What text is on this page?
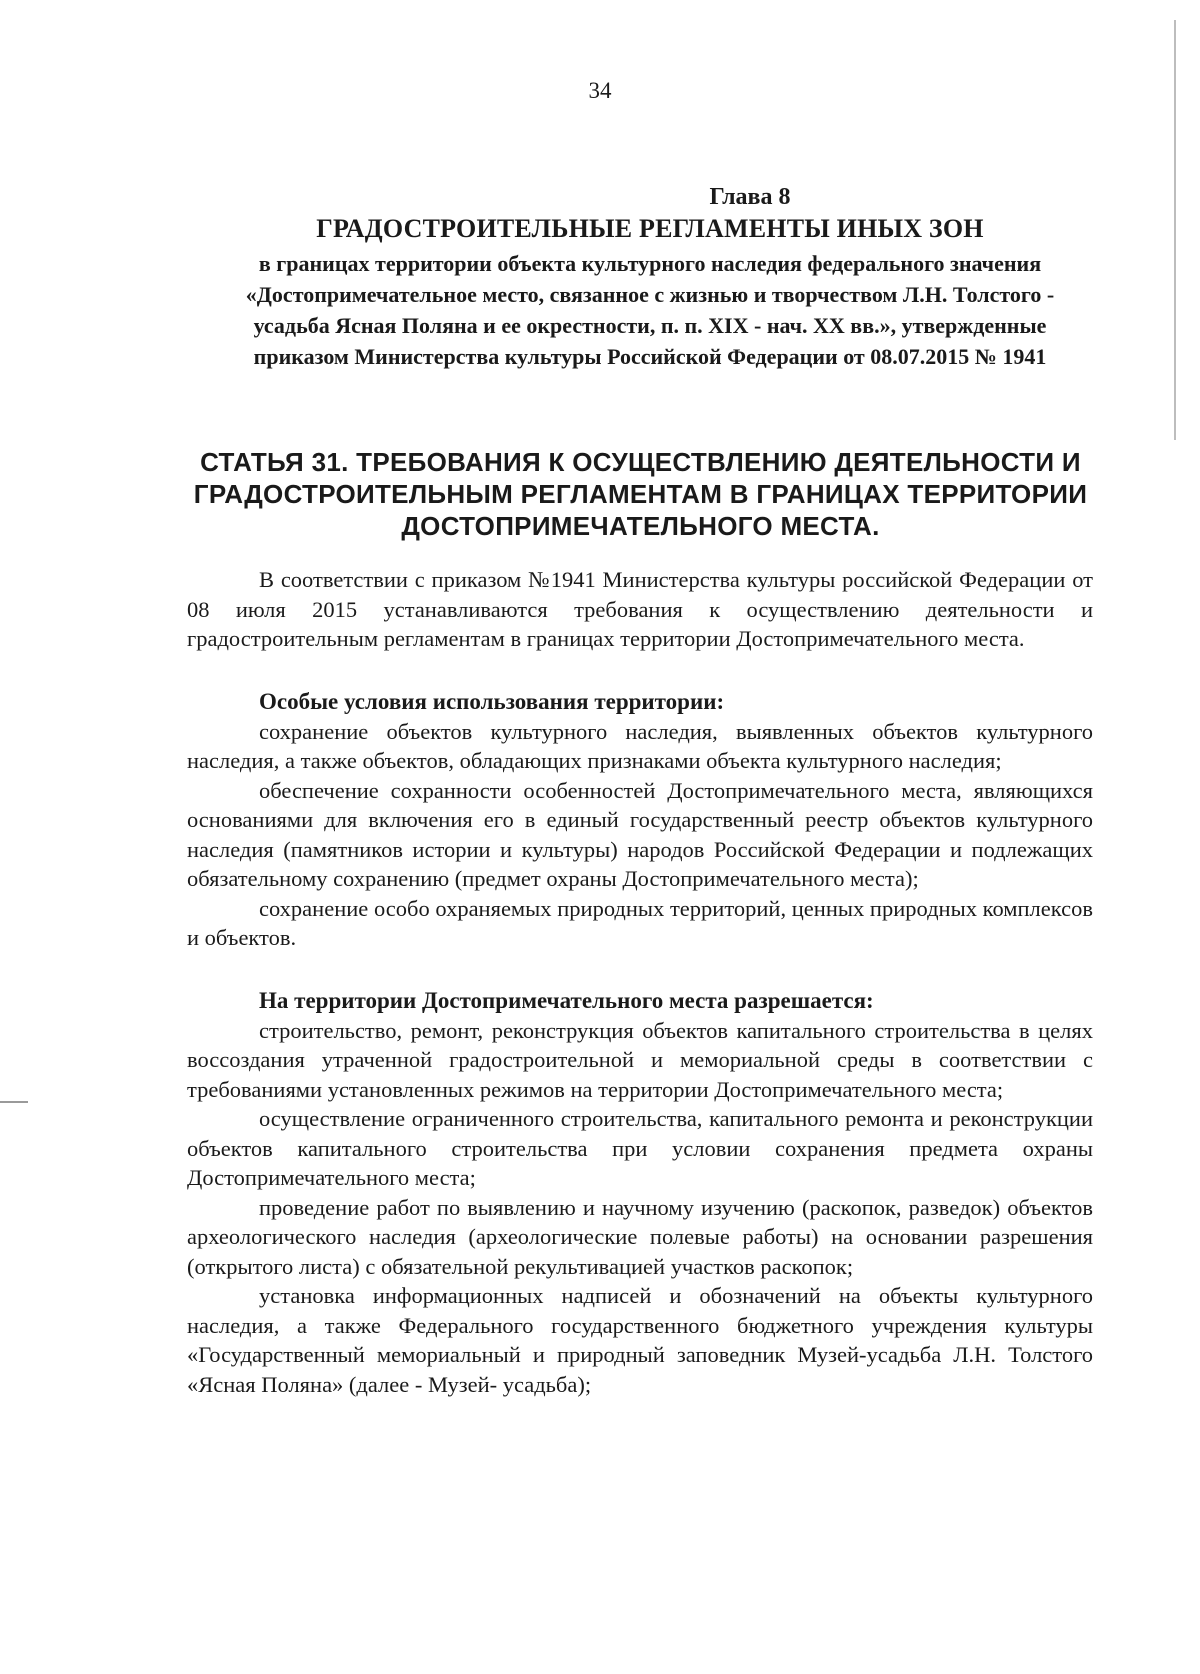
34
Глава 8
ГРАДОСТРОИТЕЛЬНЫЕ РЕГЛАМЕНТЫ ИНЫХ ЗОН
в границах территории объекта культурного наследия федерального значения «Достопримечательное место, связанное с жизнью и творчеством Л.Н. Толстого - усадьба Ясная Поляна и ее окрестности, п. п. XIX - нач. XX вв.», утвержденные приказом Министерства культуры Российской Федерации от 08.07.2015 № 1941
СТАТЬЯ 31. ТРЕБОВАНИЯ К ОСУЩЕСТВЛЕНИЮ ДЕЯТЕЛЬНОСТИ И ГРАДОСТРОИТЕЛЬНЫМ РЕГЛАМЕНТАМ В ГРАНИЦАХ ТЕРРИТОРИИ ДОСТОПРИМЕЧАТЕЛЬНОГО МЕСТА.

В соответствии с приказом №1941 Министерства культуры российской Федерации от 08 июля 2015 устанавливаются требования к осуществлению деятельности и градостроительным регламентам в границах территории Достопримечательного места.

Особые условия использования территории:

сохранение объектов культурного наследия, выявленных объектов культурного наследия, а также объектов, обладающих признаками объекта культурного наследия;

обеспечение сохранности особенностей Достопримечательного места, являющихся основаниями для включения его в единый государственный реестр объектов культурного наследия (памятников истории и культуры) народов Российской Федерации и подлежащих обязательному сохранению (предмет охраны Достопримечательного места);

сохранение особо охраняемых природных территорий, ценных природных комплексов и объектов.

На территории Достопримечательного места разрешается:

строительство, ремонт, реконструкция объектов капитального строительства в целях воссоздания утраченной градостроительной и мемориальной среды в соответствии с требованиями установленных режимов на территории Достопримечательного места;

осуществление ограниченного строительства, капитального ремонта и реконструкции объектов капитального строительства при условии сохранения предмета охраны Достопримечательного места;

проведение работ по выявлению и научному изучению (раскопок, разведок) объектов археологического наследия (археологические полевые работы) на основании разрешения (открытого листа) с обязательной рекультивацией участков раскопок;

установка информационных надписей и обозначений на объекты культурного наследия, а также Федерального государственного бюджетного учреждения культуры «Государственный мемориальный и природный заповедник Музей-усадьба Л.Н. Толстого «Ясная Поляна» (далее - Музей- усадьба);
